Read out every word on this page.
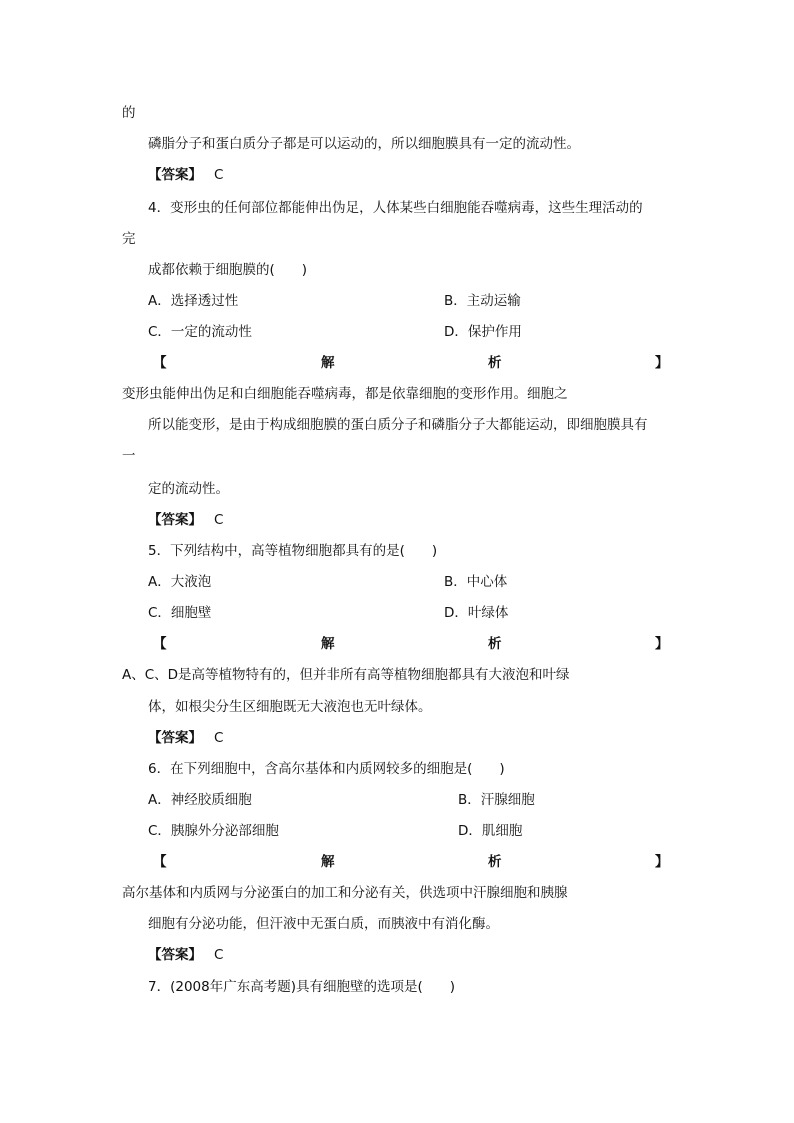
的
磷脂分子和蛋白质分子都是可以运动的，所以细胞膜具有一定的流动性。
【答案】 C
4．变形虫的任何部位都能伸出伪足，人体某些白细胞能吞噬病毒，这些生理活动的
完
成都依赖于细胞膜的(　　)
A．选择透过性	B．主动运输
C．一定的流动性	D．保护作用
【	解	析	】
变形虫能伸出伪足和白细胞能吞噬病毒，都是依靠细胞的变形作用。细胞之
所以能变形，是由于构成细胞膜的蛋白质分子和磷脂分子大都能运动，即细胞膜具有
一
定的流动性。
【答案】 C
5．下列结构中，高等植物细胞都具有的是(　　)
A．大液泡	B．中心体
C．细胞壁	D．叶绿体
【	解	析	】
A、C、D是高等植物特有的，但并非所有高等植物细胞都具有大液泡和叶绿
体，如根尖分生区细胞既无大液泡也无叶绿体。
【答案】 C
6．在下列细胞中，含高尔基体和内质网较多的细胞是(　　)
A．神经胶质细胞	B．汗腺细胞
C．胰腺外分泌部细胞	D．肌细胞
【	解	析	】
高尔基体和内质网与分泌蛋白的加工和分泌有关，供选项中汗腺细胞和胰腺
细胞有分泌功能，但汗液中无蛋白质，而胰液中有消化酶。
【答案】 C
7．(2008年广东高考题)具有细胞壁的选项是(　　)
